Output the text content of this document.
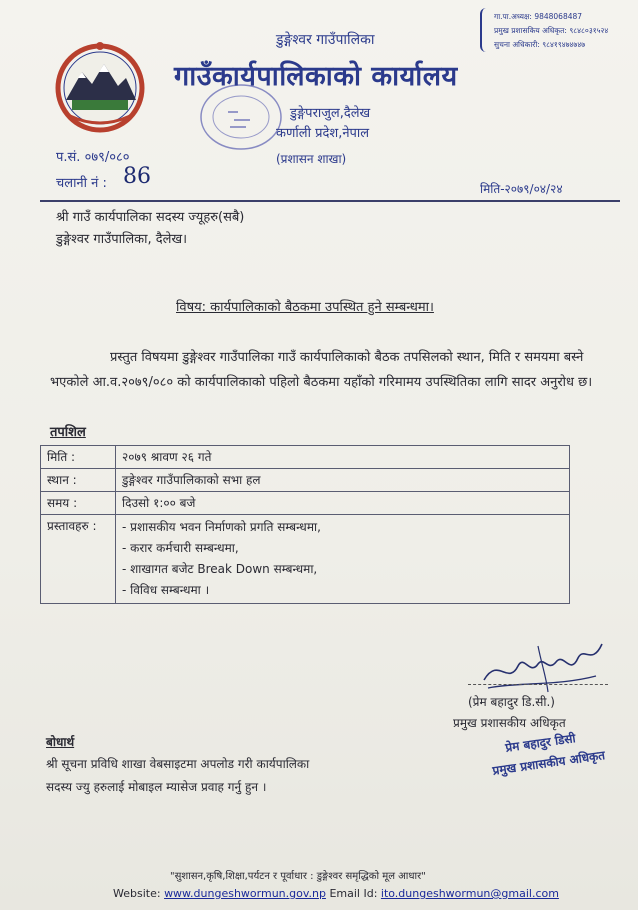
डुङ्गेश्वर गाउँपालिका
गाउँकार्यपालिकाको कार्यालय
डुङ्गेपराजुल,दैलेख
कर्णाली प्रदेश,नेपाल
(प्रशासन शाखा)
गा.पा.अध्यक्ष: 9848068487
प्रमुख प्रशासकिय अधिकृत: ९८४८०३१५२४
सुचना अधिकारी: ९८४१९४७४७४७
प.सं. ०७९/०८०
चलानी नं : 86	मिति-२०७९/०४/२४
श्री गाउँ कार्यपालिका सदस्य ज्यूहरु(सबै)
डुङ्गेश्वर गाउँपालिका, दैलेख।
विषय: कार्यपालिकाको बैठकमा उपस्थित हुने सम्बन्धमा।
प्रस्तुत विषयमा डुङ्गेश्वर गाउँपालिका गाउँ कार्यपालिकाको बैठक तपसिलको स्थान, मिति र समयमा बस्ने भएकोले आ.व.२०७९/०८० को कार्यपालिकाको पहिलो बैठकमा यहाँको गरिमामय उपस्थितिका लागि सादर अनुरोध छ।
तपशिल
मिति :	२०७९ श्रावण २६ गते
स्थान :	डुङ्गेश्वर गाउँपालिकाको सभा हल
समय :	दिउसो १:०० बजे
प्रस्तावहरु :	- प्रशासकीय भवन निर्माणको प्रगति सम्बन्धमा,
- करार कर्मचारी सम्बन्धमा,
- शाखागत बजेट Break Down सम्बन्धमा,
- विविध सम्बन्धमा ।
(प्रेम बहादुर डि.सी.)
प्रमुख प्रशासकीय अधिकृत
प्रेम बहादुर डिसी
प्रमुख प्रशासकीय अधिकृत
बोधार्थ
श्री सूचना प्रविधि शाखा वेबसाइटमा अपलोड गरी कार्यपालिका
सदस्य ज्यु हरुलाई मोबाइल म्यासेज प्रवाह गर्नु हुन ।
"सुशासन,कृषि,शिक्षा,पर्यटन र पूर्वाधार : डुङ्गेश्वर समृद्धिको मूल आधार"
Website: www.dungeshwormun.gov.np Email Id: ito.dungeshwormun@gmail.com
